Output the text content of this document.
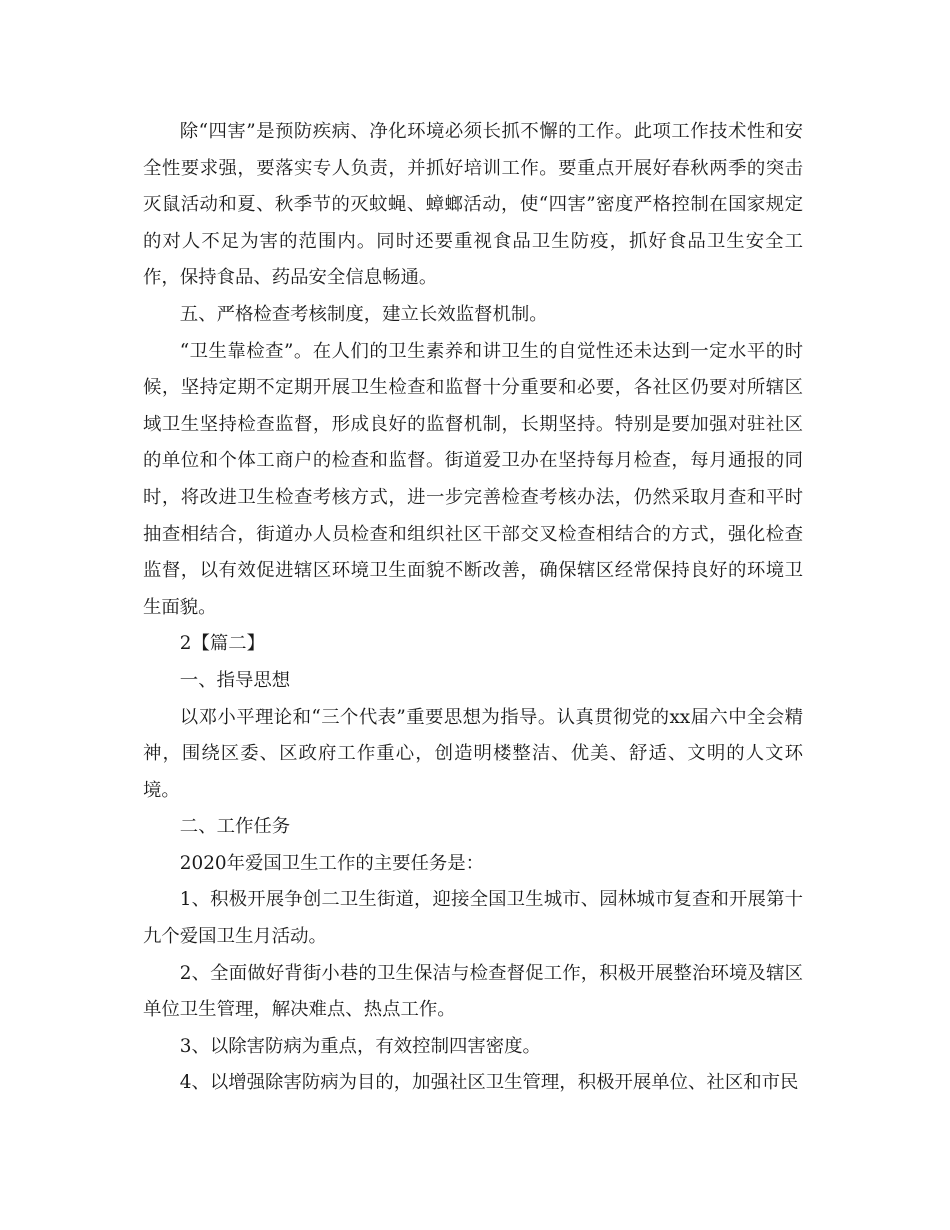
除“四害”是预防疾病、净化环境必须长抓不懈的工作。此项工作技术性和安全性要求强，要落实专人负责，并抓好培训工作。要重点开展好春秋两季的突击灭鼠活动和夏、秋季节的灭蚊蝇、蟑螂活动，使“四害”密度严格控制在国家规定的对人不足为害的范围内。同时还要重视食品卫生防疫，抓好食品卫生安全工作，保持食品、药品安全信息畅通。

五、严格检查考核制度，建立长效监督机制。

“卫生靠检查”。在人们的卫生素养和讲卫生的自觉性还未达到一定水平的时候，坚持定期不定期开展卫生检查和监督十分重要和必要，各社区仍要对所辖区域卫生坚持检查监督，形成良好的监督机制，长期坚持。特别是要加强对驻社区的单位和个体工商户的检查和监督。街道爱卫办在坚持每月检查，每月通报的同时，将改进卫生检查考核方式，进一步完善检查考核办法，仍然采取月查和平时抽查相结合，街道办人员检查和组织社区干部交叉检查相结合的方式，强化检查监督，以有效促进辖区环境卫生面貌不断改善，确保辖区经常保持良好的环境卫生面貌。

2【篇二】

一、指导思想

以邓小平理论和“三个代表”重要思想为指导。认真贯彻党的xx届六中全会精神，围绕区委、区政府工作重心，创造明楼整洁、优美、舒适、文明的人文环境。

二、工作任务

2020年爱国卫生工作的主要任务是：

1、积极开展争创二卫生街道，迎接全国卫生城市、园林城市复查和开展第十九个爱国卫生月活动。

2、全面做好背街小巷的卫生保洁与检查督促工作，积极开展整治环境及辖区单位卫生管理，解决难点、热点工作。

3、以除害防病为重点，有效控制四害密度。

4、以增强除害防病为目的，加强社区卫生管理，积极开展单位、社区和市民
